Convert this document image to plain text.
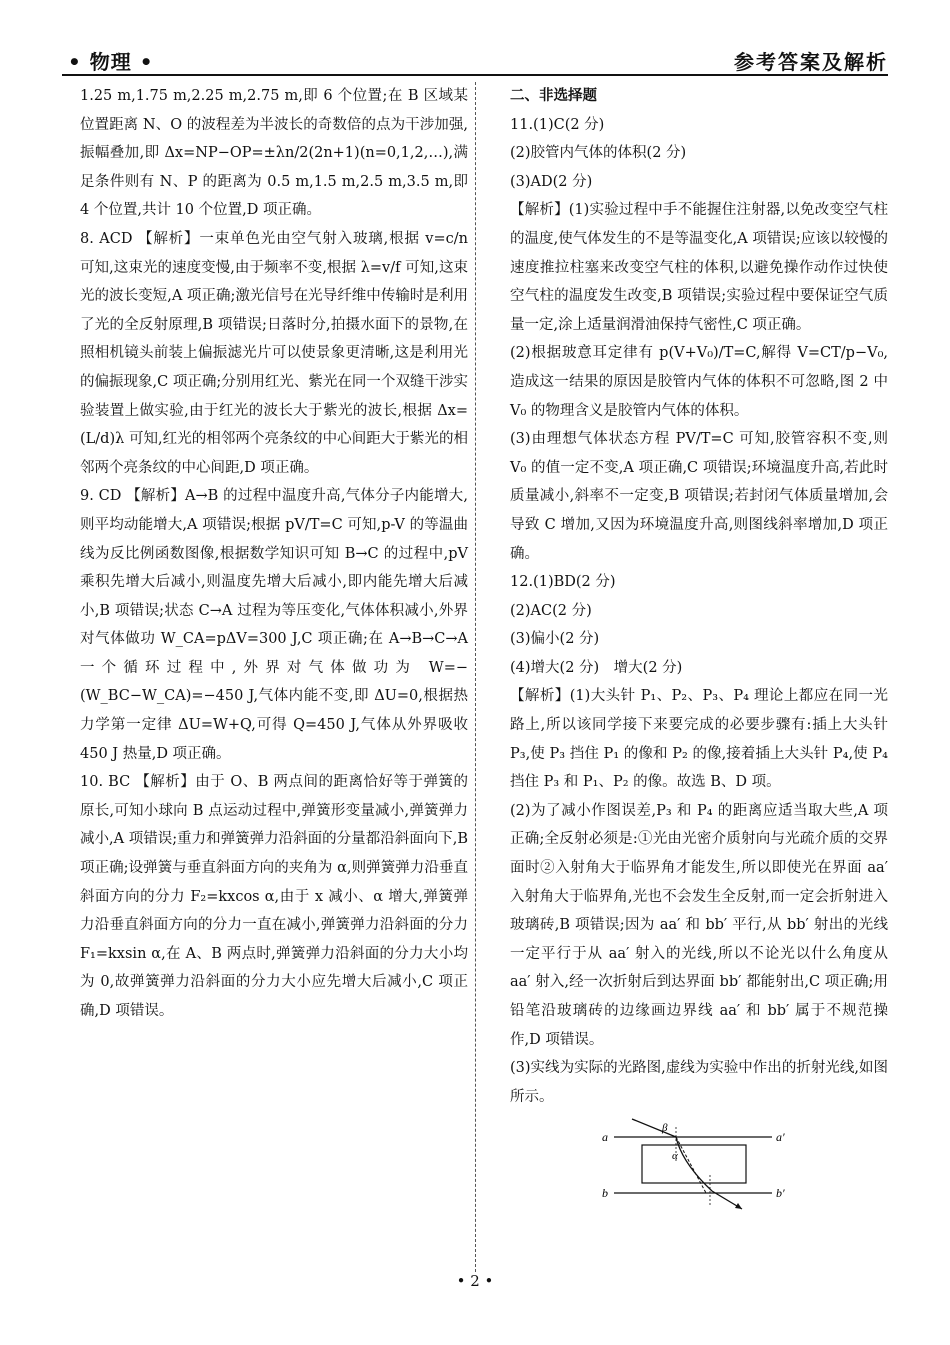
• 物理 •	参考答案及解析

1.25 m,1.75 m,2.25 m,2.75 m,即 6 个位置;在 B 区域某位置距离 N、O 的波程差为半波长的奇数倍的点为干涉加强,振幅叠加,即 Δx=NP−OP=±λn/2(2n+1)(n=0,1,2,…),满足条件则有 N、P 的距离为 0.5 m,1.5 m,2.5 m,3.5 m,即 4 个位置,共计 10 个位置,D 项正确。

8. ACD 【解析】一束单色光由空气射入玻璃,根据 v=c/n 可知,这束光的速度变慢,由于频率不变,根据 λ=v/f 可知,这束光的波长变短,A 项正确;激光信号在光导纤维中传输时是利用了光的全反射原理,B 项错误;日落时分,拍摄水面下的景物,在照相机镜头前装上偏振滤光片可以使景象更清晰,这是利用光的偏振现象,C 项正确;分别用红光、紫光在同一个双缝干涉实验装置上做实验,由于红光的波长大于紫光的波长,根据 Δx=(L/d)λ 可知,红光的相邻两个亮条纹的中心间距大于紫光的相邻两个亮条纹的中心间距,D 项正确。

9. CD 【解析】A→B 的过程中温度升高,气体分子内能增大,则平均动能增大,A 项错误;根据 pV/T=C 可知,p-V 的等温曲线为反比例函数图像,根据数学知识可知 B→C 的过程中,pV 乘积先增大后减小,则温度先增大后减小,即内能先增大后减小,B 项错误;状态 C→A 过程为等压变化,气体体积减小,外界对气体做功 W_CA=pΔV=300 J,C 项正确;在 A→B→C→A 一个循环过程中,外界对气体做功为 W=−(W_BC−W_CA)=−450 J,气体内能不变,即 ΔU=0,根据热力学第一定律 ΔU=W+Q,可得 Q=450 J,气体从外界吸收 450 J 热量,D 项正确。

10. BC 【解析】由于 O、B 两点间的距离恰好等于弹簧的原长,可知小球向 B 点运动过程中,弹簧形变量减小,弹簧弹力减小,A 项错误;重力和弹簧弹力沿斜面的分量都沿斜面向下,B 项正确;设弹簧与垂直斜面方向的夹角为 α,则弹簧弹力沿垂直斜面方向的分力 F₂=kxcos α,由于 x 减小、α 增大,弹簧弹力沿垂直斜面方向的分力一直在减小,弹簧弹力沿斜面的分力 F₁=kxsin α,在 A、B 两点时,弹簧弹力沿斜面的分力大小均为 0,故弹簧弹力沿斜面的分力大小应先增大后减小,C 项正确,D 项错误。

二、非选择题

11.(1)C(2 分)

(2)胶管内气体的体积(2 分)

(3)AD(2 分)

【解析】(1)实验过程中手不能握住注射器,以免改变空气柱的温度,使气体发生的不是等温变化,A 项错误;应该以较慢的速度推拉柱塞来改变空气柱的体积,以避免操作动作过快使空气柱的温度发生改变,B 项错误;实验过程中要保证空气质量一定,涂上适量润滑油保持气密性,C 项正确。

(2)根据玻意耳定律有 p(V+V₀)/T=C,解得 V=CT/p−V₀,造成这一结果的原因是胶管内气体的体积不可忽略,图 2 中 V₀ 的物理含义是胶管内气体的体积。

(3)由理想气体状态方程 PV/T=C 可知,胶管容积不变,则 V₀ 的值一定不变,A 项正确,C 项错误;环境温度升高,若此时质量减小,斜率不一定变,B 项错误;若封闭气体质量增加,会导致 C 增加,又因为环境温度升高,则图线斜率增加,D 项正确。

12.(1)BD(2 分)

(2)AC(2 分)

(3)偏小(2 分)

(4)增大(2 分)　增大(2 分)

【解析】(1)大头针 P₁、P₂、P₃、P₄ 理论上都应在同一光路上,所以该同学接下来要完成的必要步骤有:插上大头针 P₃,使 P₃ 挡住 P₁ 的像和 P₂ 的像,接着插上大头针 P₄,使 P₄ 挡住 P₃ 和 P₁、P₂ 的像。故选 B、D 项。

(2)为了减小作图误差,P₃ 和 P₄ 的距离应适当取大些,A 项正确;全反射必须是:①光由光密介质射向与光疏介质的交界面时②入射角大于临界角才能发生,所以即使光在界面 aa′ 入射角大于临界角,光也不会发生全反射,而一定会折射进入玻璃砖,B 项错误;因为 aa′ 和 bb′ 平行,从 bb′ 射出的光线一定平行于从 aa′ 射入的光线,所以不论光以什么角度从 aa′ 射入,经一次折射后到达界面 bb′ 都能射出,C 项正确;用铅笔沿玻璃砖的边缘画边界线 aa′ 和 bb′ 属于不规范操作,D 项错误。

(3)实线为实际的光路图,虚线为实验中作出的折射光线,如图所示。

a	a′
b	b′
β
α
• 2 •
